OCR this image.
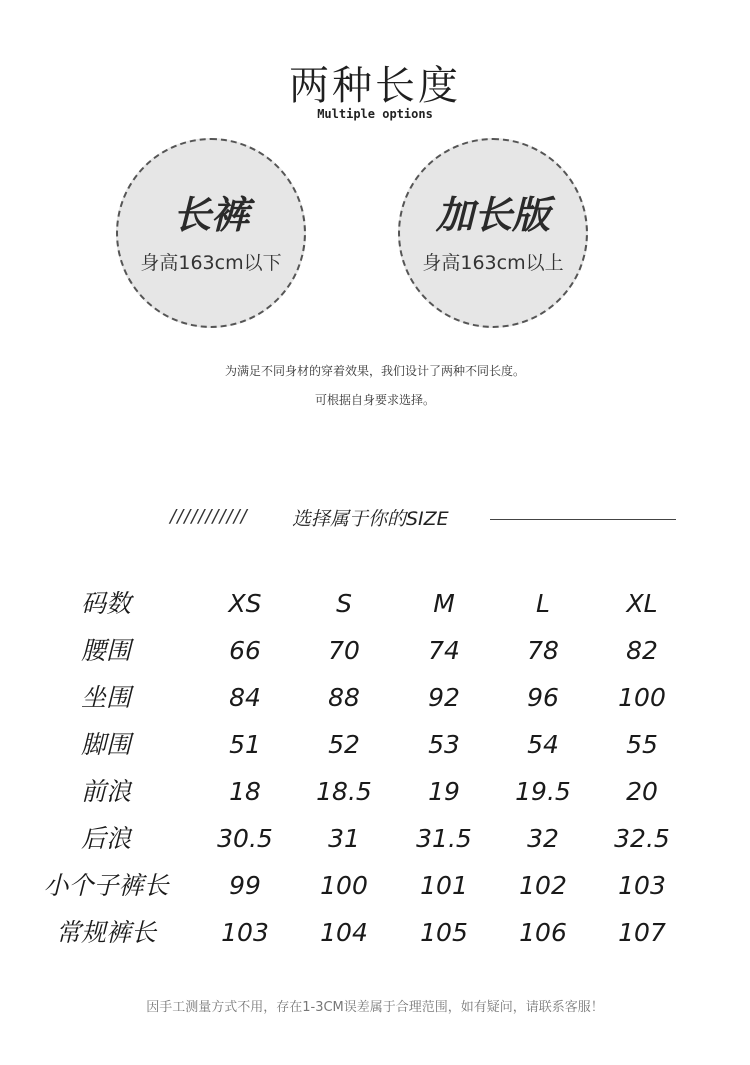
两种长度
Multiple options
长裤
身高163cm以下
加长版
身高163cm以上
为满足不同身材的穿着效果，我们设计了两种不同长度。
可根据自身要求选择。
/////////// 选择属于你的SIZE
码数	XS	S	M	L	XL
腰围	66	70	74	78	82
坐围	84	88	92	96	100
脚围	51	52	53	54	55
前浪	18	18.5	19	19.5	20
后浪	30.5	31	31.5	32	32.5
小个子裤长	99	100	101	102	103
常规裤长	103	104	105	106	107
因手工测量方式不用，存在1-3CM误差属于合理范围，如有疑问，请联系客服！
